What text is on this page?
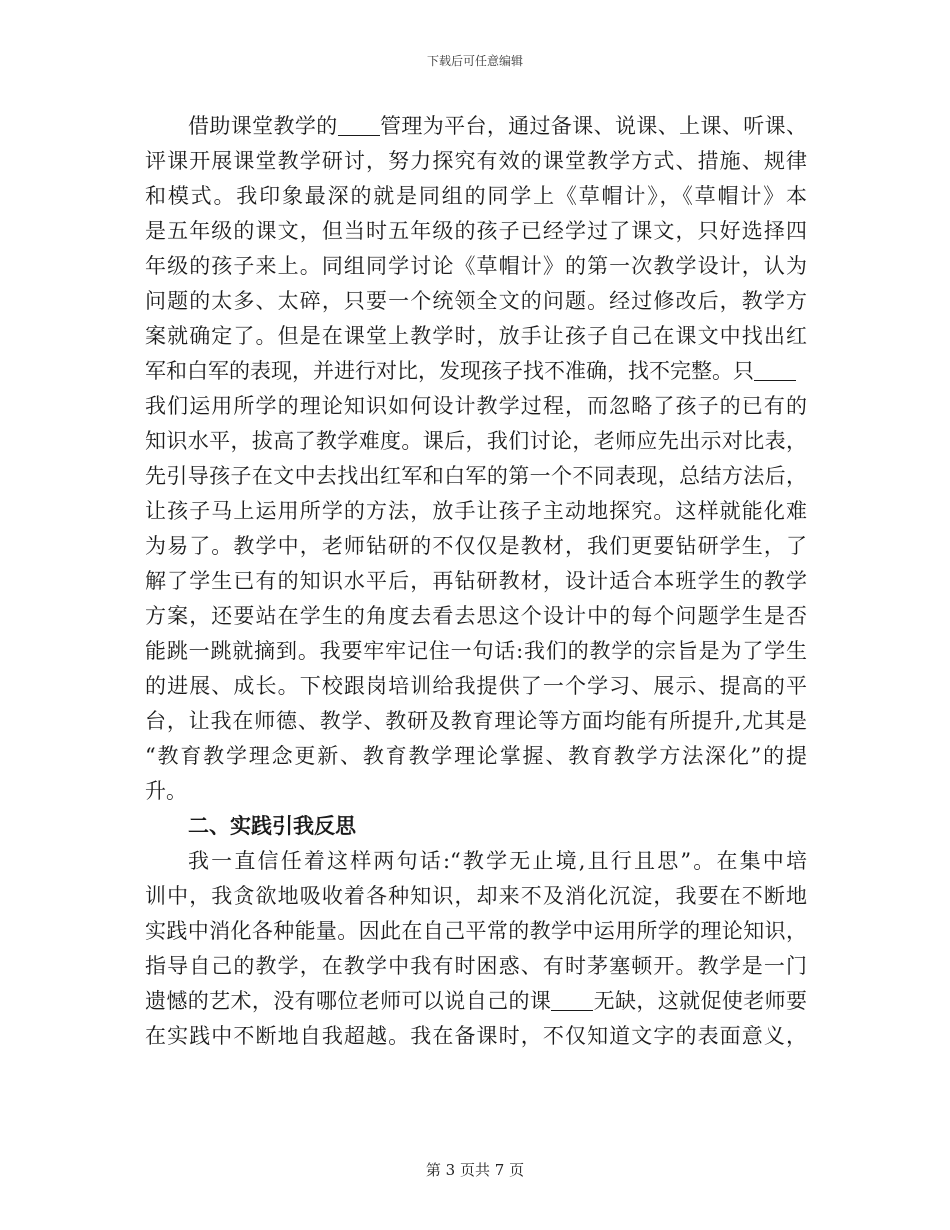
下载后可任意编辑
借助课堂教学的 管理为平台，通过备课、说课、上课、听课、
评课开展课堂教学研讨，努力探究有效的课堂教学方式、措施、规律
和模式。我印象最深的就是同组的同学上《草帽计》，《草帽计》本
是五年级的课文，但当时五年级的孩子已经学过了课文，只好选择四
年级的孩子来上。同组同学讨论《草帽计》的第一次教学设计，认为
问题的太多、太碎，只要一个统领全文的问题。经过修改后，教学方
案就确定了。但是在课堂上教学时，放手让孩子自己在课文中找出红
军和白军的表现，并进行对比，发现孩子找不准确，找不完整。只
我们运用所学的理论知识如何设计教学过程，而忽略了孩子的已有的
知识水平，拔高了教学难度。课后，我们讨论，老师应先出示对比表，
先引导孩子在文中去找出红军和白军的第一个不同表现，总结方法后，
让孩子马上运用所学的方法，放手让孩子主动地探究。这样就能化难
为易了。教学中，老师钻研的不仅仅是教材，我们更要钻研学生，了
解了学生已有的知识水平后，再钻研教材，设计适合本班学生的教学
方案，还要站在学生的角度去看去思这个设计中的每个问题学生是否
能跳一跳就摘到。我要牢牢记住一句话:我们的教学的宗旨是为了学生
的进展、成长。下校跟岗培训给我提供了一个学习、展示、提高的平
台，让我在师德、教学、教研及教育理论等方面均能有所提升,尤其是
“教育教学理念更新、教育教学理论掌握、教育教学方法深化”的提
升。
二、实践引我反思
我一直信任着这样两句话:“教学无止境,且行且思”。在集中培
训中，我贪欲地吸收着各种知识，却来不及消化沉淀，我要在不断地
实践中消化各种能量。因此在自己平常的教学中运用所学的理论知识，
指导自己的教学，在教学中我有时困惑、有时茅塞顿开。教学是一门
遗憾的艺术，没有哪位老师可以说自己的课 无缺，这就促使老师要
在实践中不断地自我超越。我在备课时，不仅知道文字的表面意义，
第 3 页共 7 页
